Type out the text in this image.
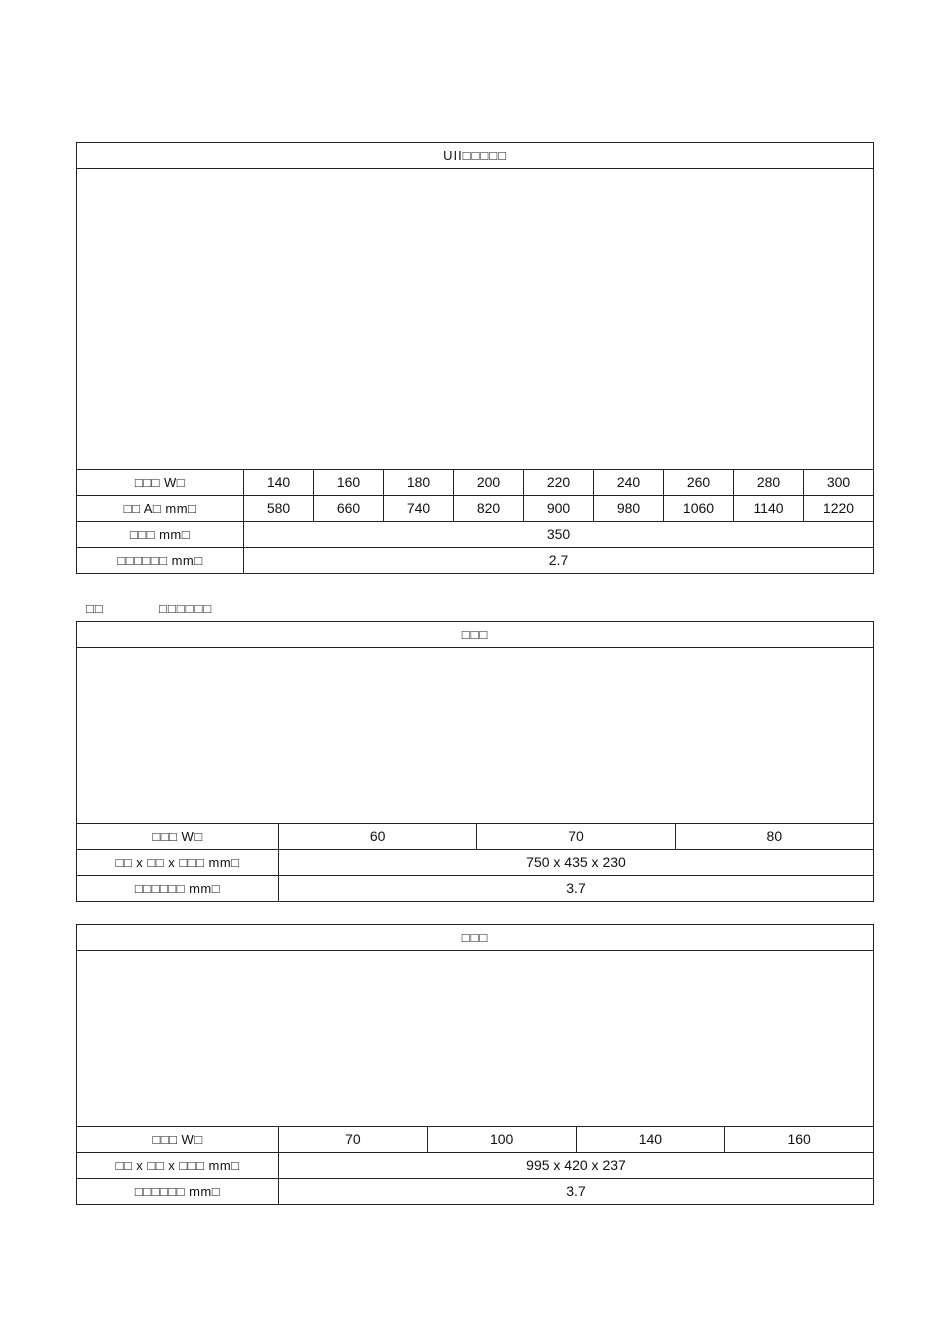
UII□□□□□									

□□□ W□	140	160	180	200	220	240	260	280	300
□□ A□ mm□	580	660	740	820	900	980	1060	1140	1220
□□□ mm□	350								
□□□□□□ mm□	2.7								
□□            □□□□□□
□□□			

□□□ W□	60	70	80
□□ x □□ x □□□ mm□	750 x 435 x 230		
□□□□□□ mm□	3.7		
□□□				

□□□ W□	70	100	140	160
□□ x □□ x □□□ mm□	995 x 420 x 237			
□□□□□□ mm□	3.7			
